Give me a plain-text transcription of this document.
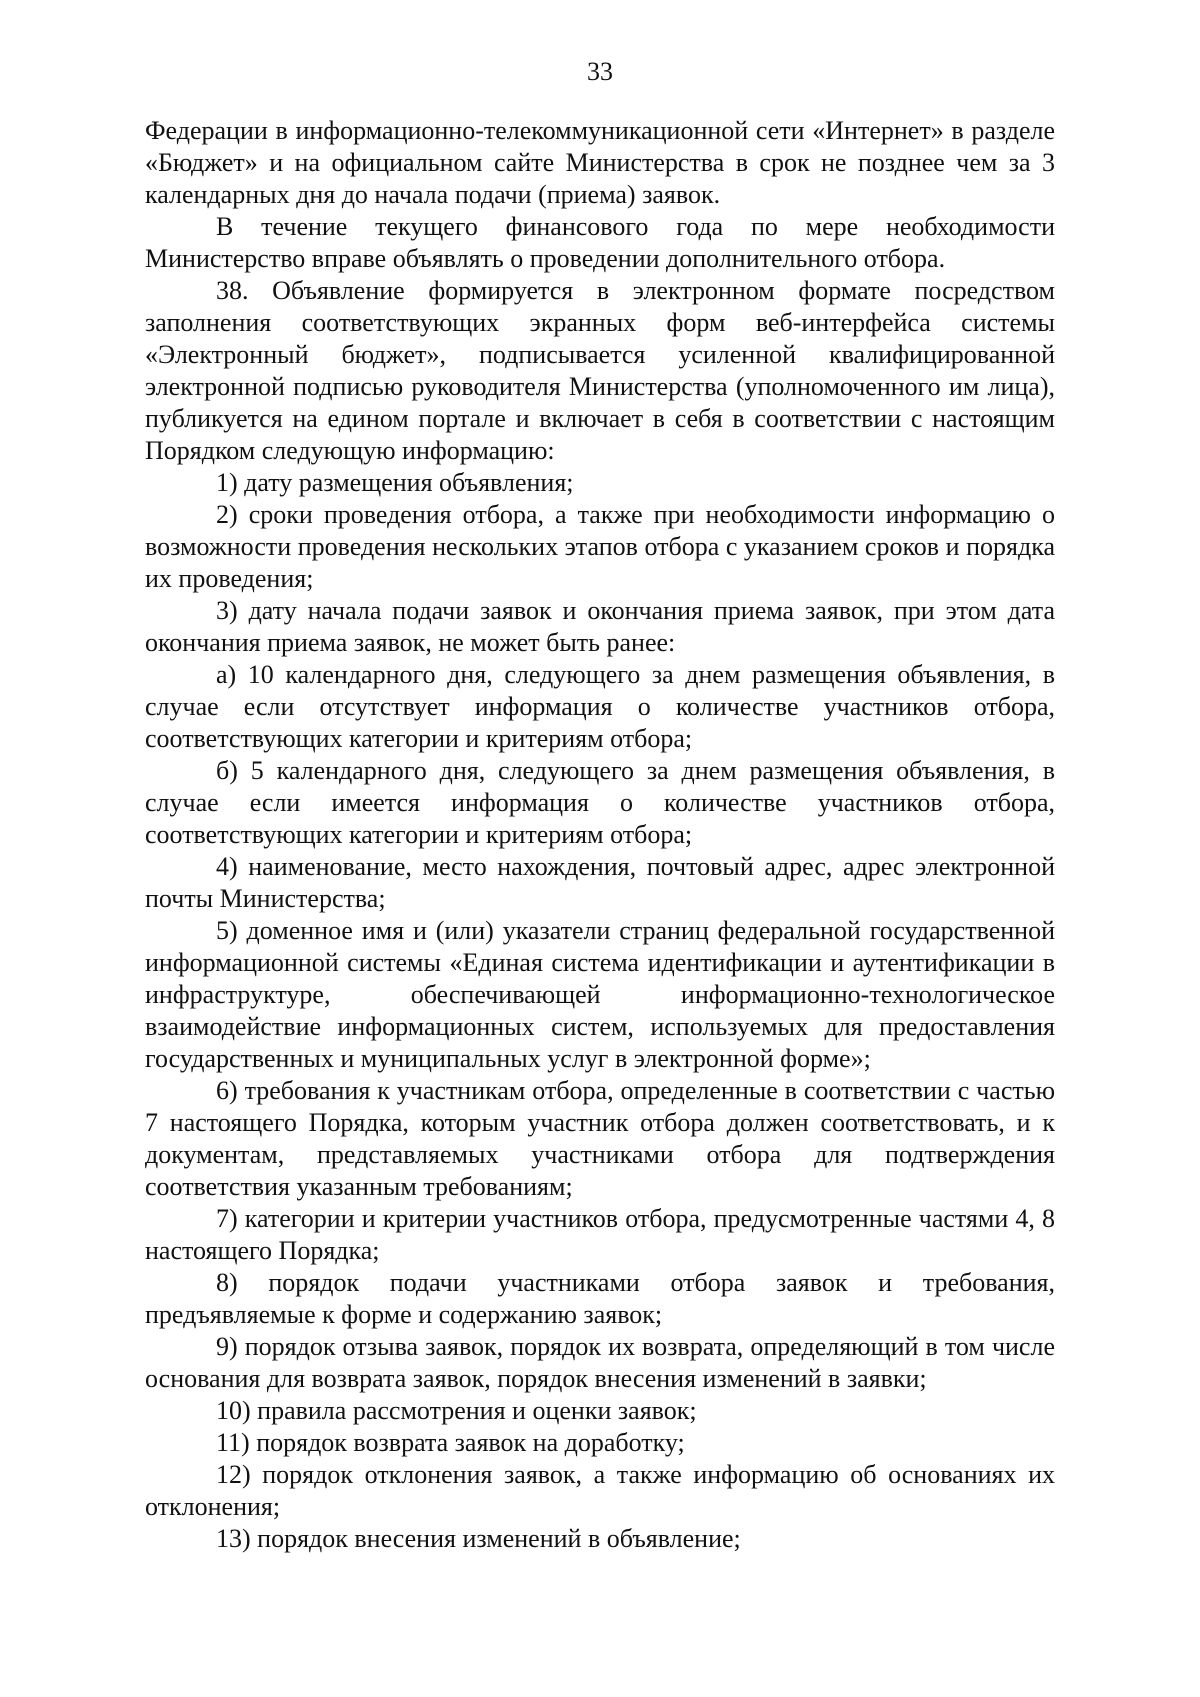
33

Федерации в информационно-телекоммуникационной сети «Интернет» в разделе «Бюджет» и на официальном сайте Министерства в срок не позднее чем за 3 календарных дня до начала подачи (приема) заявок.

В течение текущего финансового года по мере необходимости Министерство вправе объявлять о проведении дополнительного отбора.

38. Объявление формируется в электронном формате посредством заполнения соответствующих экранных форм веб-интерфейса системы «Электронный бюджет», подписывается усиленной квалифицированной электронной подписью руководителя Министерства (уполномоченного им лица), публикуется на едином портале и включает в себя в соответствии с настоящим Порядком следующую информацию:

1) дату размещения объявления;

2) сроки проведения отбора, а также при необходимости информацию о возможности проведения нескольких этапов отбора с указанием сроков и порядка их проведения;

3) дату начала подачи заявок и окончания приема заявок, при этом дата окончания приема заявок, не может быть ранее:

а) 10 календарного дня, следующего за днем размещения объявления, в случае если отсутствует информация о количестве участников отбора, соответствующих категории и критериям отбора;

б) 5 календарного дня, следующего за днем размещения объявления, в случае если имеется информация о количестве участников отбора, соответствующих категории и критериям отбора;

4) наименование, место нахождения, почтовый адрес, адрес электронной почты Министерства;

5) доменное имя и (или) указатели страниц федеральной государственной информационной системы «Единая система идентификации и аутентификации в инфраструктуре, обеспечивающей информационно-технологическое взаимодействие информационных систем, используемых для предоставления государственных и муниципальных услуг в электронной форме»;

6) требования к участникам отбора, определенные в соответствии с частью 7 настоящего Порядка, которым участник отбора должен соответствовать, и к документам, представляемых участниками отбора для подтверждения соответствия указанным требованиям;

7) категории и критерии участников отбора, предусмотренные частями 4, 8 настоящего Порядка;

8) порядок подачи участниками отбора заявок и требования, предъявляемые к форме и содержанию заявок;

9) порядок отзыва заявок, порядок их возврата, определяющий в том числе основания для возврата заявок, порядок внесения изменений в заявки;

10) правила рассмотрения и оценки заявок;

11) порядок возврата заявок на доработку;

12) порядок отклонения заявок, а также информацию об основаниях их отклонения;

13) порядок внесения изменений в объявление;
